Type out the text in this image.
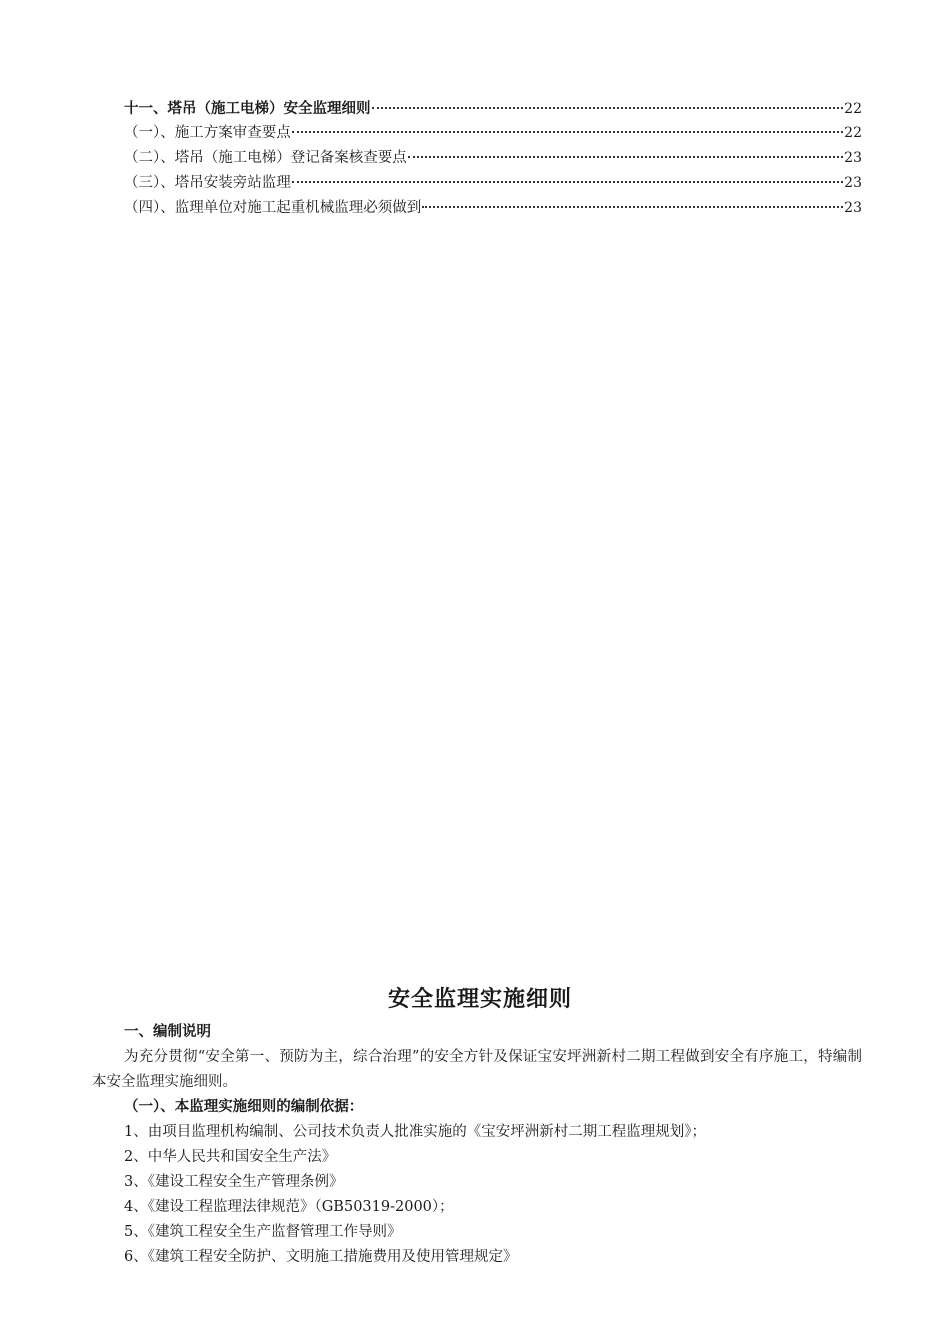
十一、塔吊（施工电梯）安全监理细则	22
（一）、施工方案审查要点	22
（二）、塔吊（施工电梯）登记备案核查要点	23
（三）、塔吊安装旁站监理	23
（四）、监理单位对施工起重机械监理必须做到	23
安全监理实施细则
一、编制说明
为充分贯彻“安全第一、预防为主，综合治理”的安全方针及保证宝安坪洲新村二期工程做到安全有序施工，特编制本安全监理实施细则。
（一）、本监理实施细则的编制依据：
1、由项目监理机构编制、公司技术负责人批准实施的《宝安坪洲新村二期工程监理规划》；
2、中华人民共和国安全生产法》
3、《建设工程安全生产管理条例》
4、《建设工程监理法律规范》（GB50319-2000）；
5、《建筑工程安全生产监督管理工作导则》
6、《建筑工程安全防护、文明施工措施费用及使用管理规定》
